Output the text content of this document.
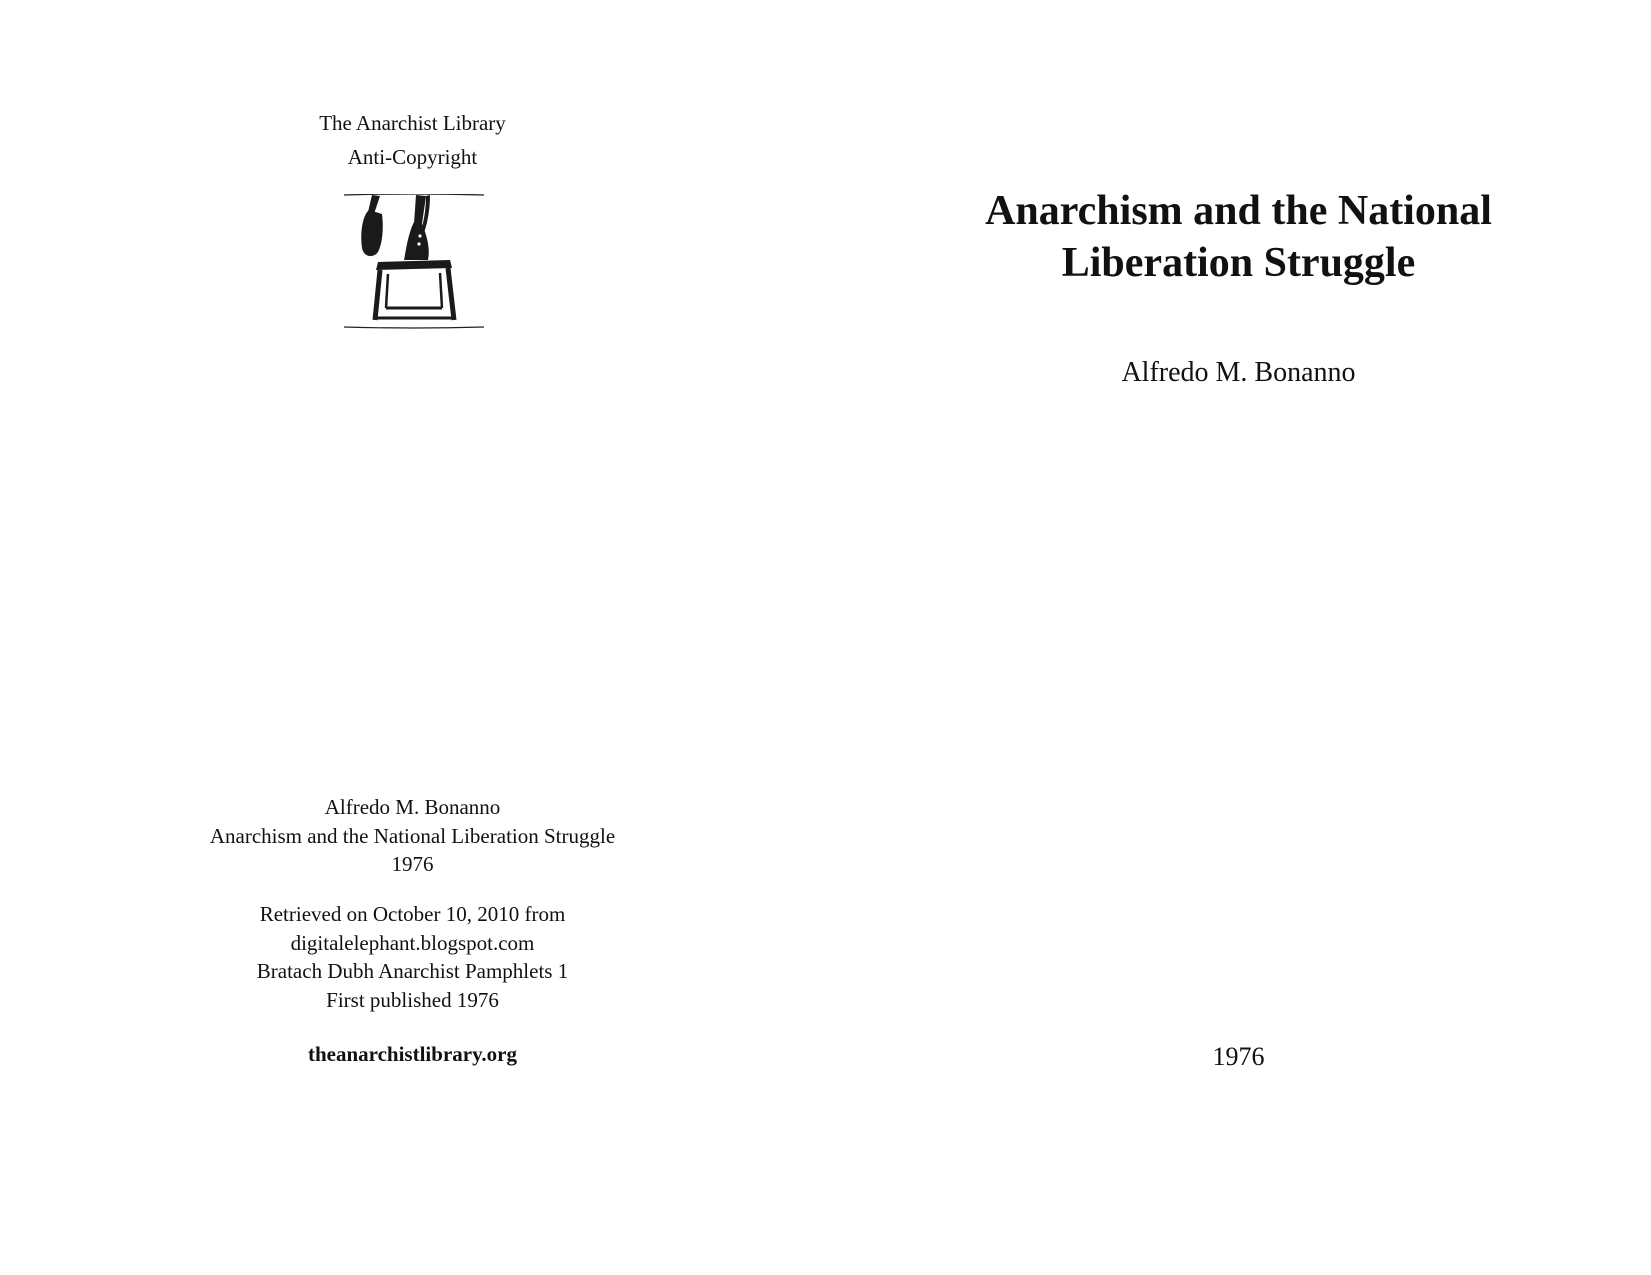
The Anarchist Library
Anti-Copyright
Alfredo M. Bonanno
Anarchism and the National Liberation Struggle
1976
Retrieved on October 10, 2010 from
digitalelephant.blogspot.com
Bratach Dubh Anarchist Pamphlets 1
First published 1976
theanarchistlibrary.org
Anarchism and the National
Liberation Struggle
Alfredo M. Bonanno
1976
